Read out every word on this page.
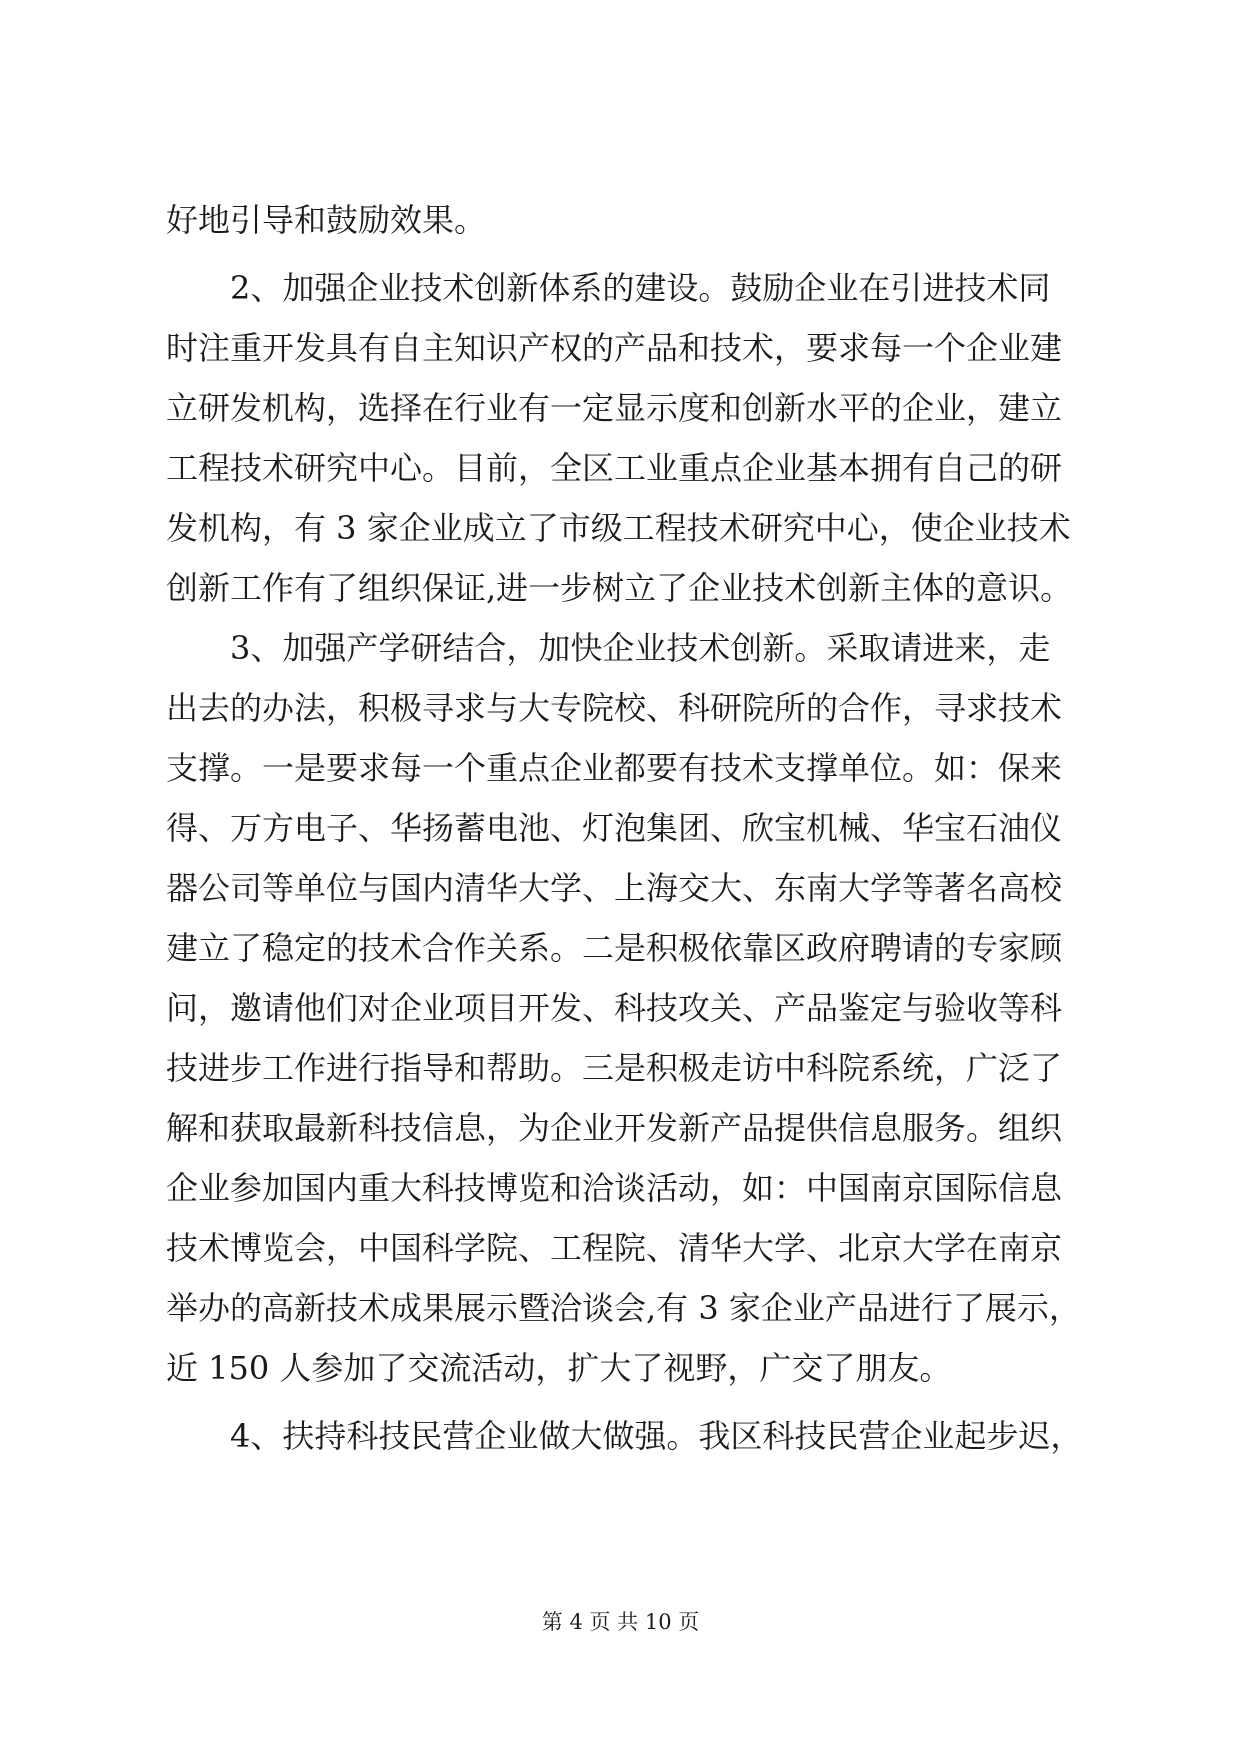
好地引导和鼓励效果。
2、加强企业技术创新体系的建设。鼓励企业在引进技术同
时注重开发具有自主知识产权的产品和技术，要求每一个企业建
立研发机构，选择在行业有一定显示度和创新水平的企业，建立
工程技术研究中心。目前，全区工业重点企业基本拥有自己的研
发机构，有 3 家企业成立了市级工程技术研究中心，使企业技术
创新工作有了组织保证,进一步树立了企业技术创新主体的意识。
3、加强产学研结合，加快企业技术创新。采取请进来，走
出去的办法，积极寻求与大专院校、科研院所的合作，寻求技术
支撑。一是要求每一个重点企业都要有技术支撑单位。如：保来
得、万方电子、华扬蓄电池、灯泡集团、欣宝机械、华宝石油仪
器公司等单位与国内清华大学、上海交大、东南大学等著名高校
建立了稳定的技术合作关系。二是积极依靠区政府聘请的专家顾
问，邀请他们对企业项目开发、科技攻关、产品鉴定与验收等科
技进步工作进行指导和帮助。三是积极走访中科院系统，广泛了
解和获取最新科技信息，为企业开发新产品提供信息服务。组织
企业参加国内重大科技博览和洽谈活动，如：中国南京国际信息
技术博览会，中国科学院、工程院、清华大学、北京大学在南京
举办的高新技术成果展示暨洽谈会,有 3 家企业产品进行了展示，
近 150 人参加了交流活动，扩大了视野，广交了朋友。
4、扶持科技民营企业做大做强。我区科技民营企业起步迟，
第 4 页 共 10 页
